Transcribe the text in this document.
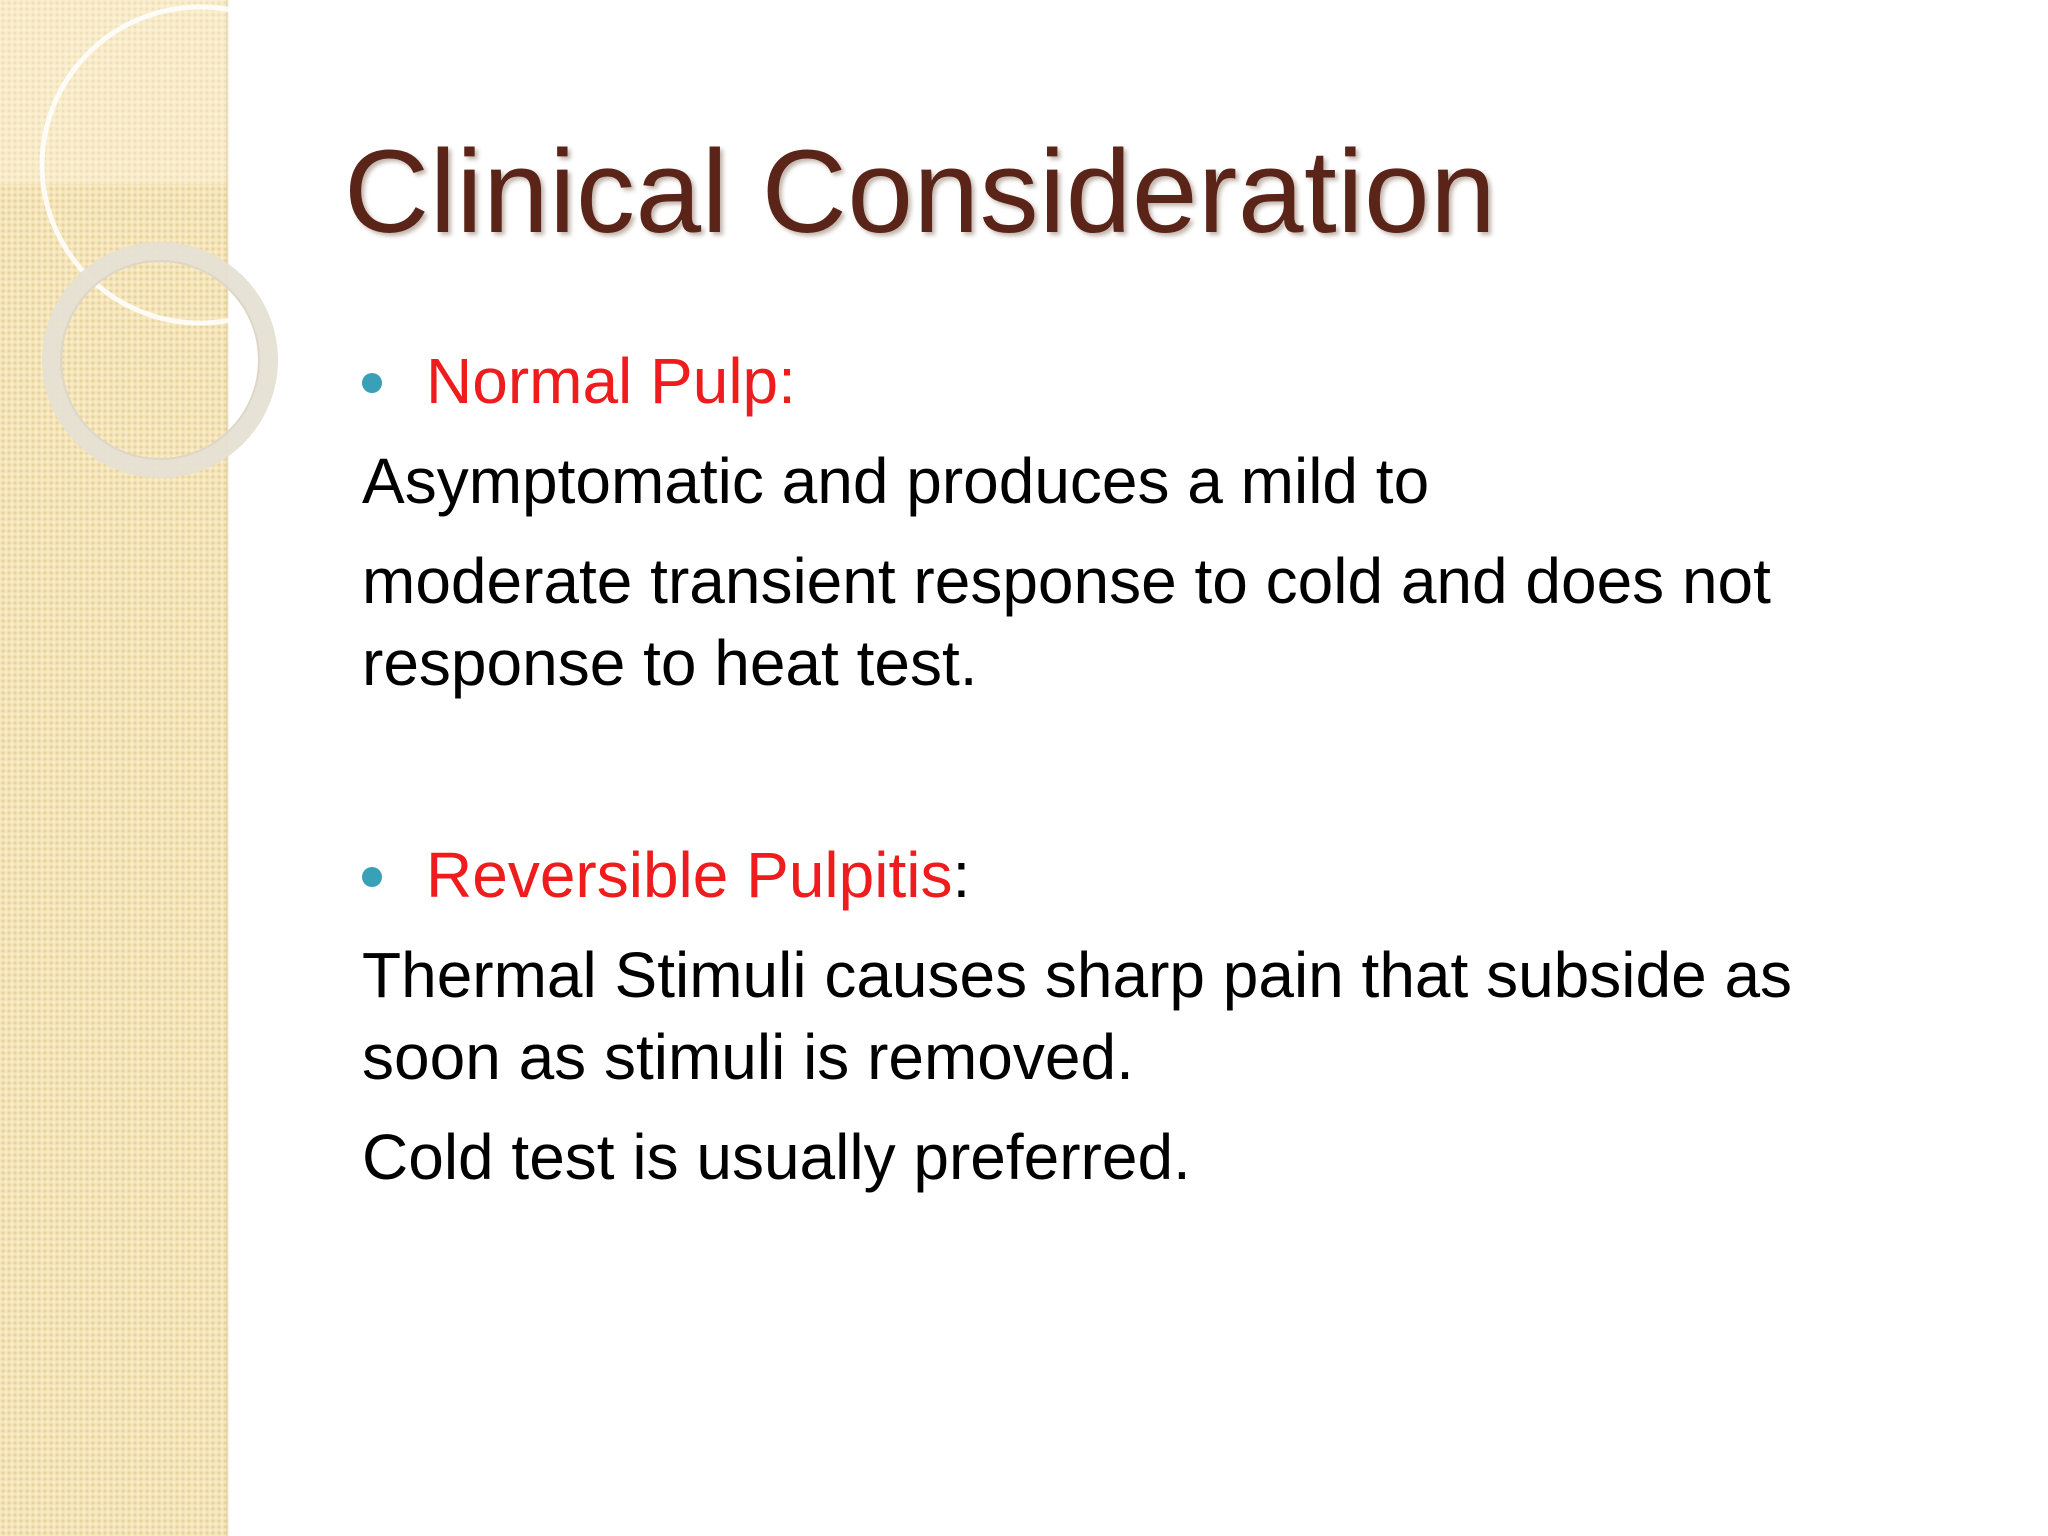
Clinical Consideration

Normal Pulp:

Asymptomatic and produces a mild to

moderate transient response to cold and does not response to heat test.

Reversible Pulpitis:

Thermal Stimuli causes sharp pain that subside as soon as stimuli is removed.

Cold test is usually preferred.
